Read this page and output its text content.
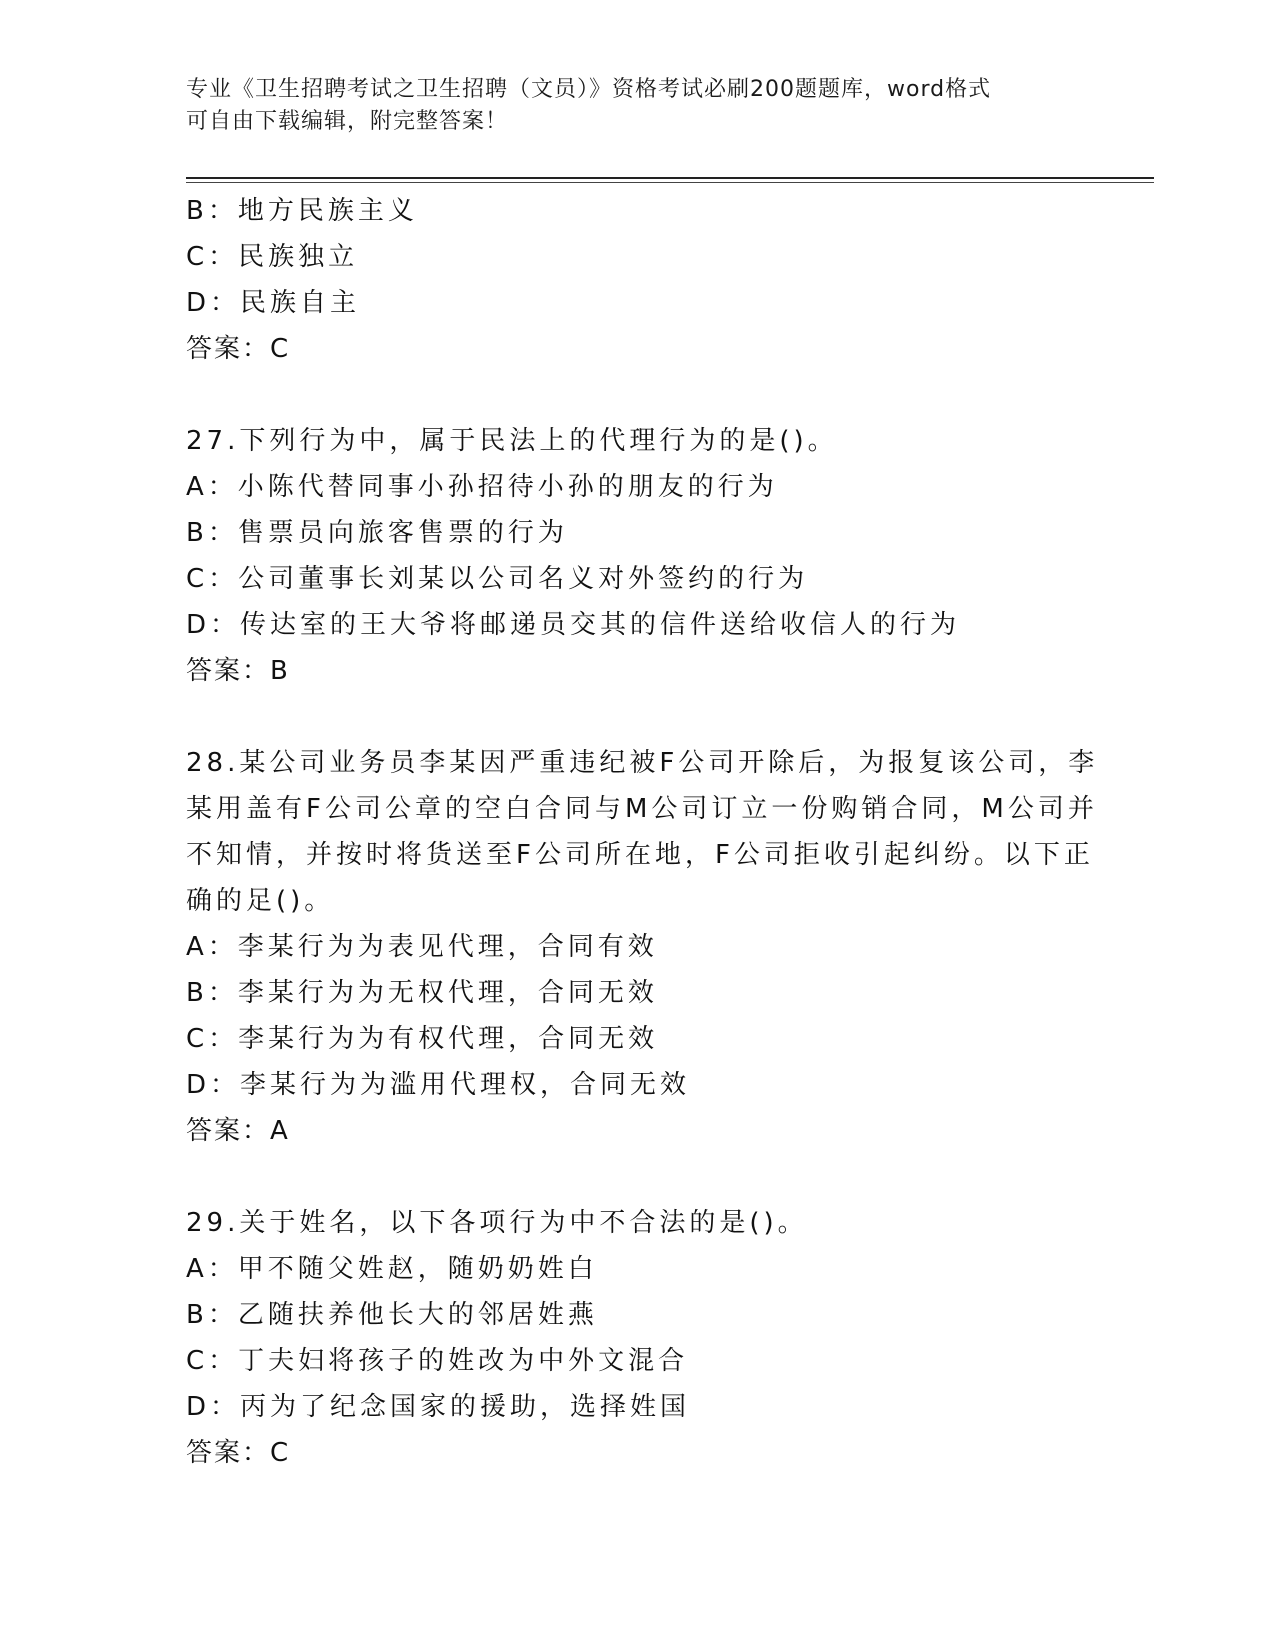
专业《卫生招聘考试之卫生招聘（文员）》资格考试必刷200题题库，word格式
可自由下载编辑，附完整答案！
B：地方民族主义
C：民族独立
D：民族自主
答案：C
27.下列行为中，属于民法上的代理行为的是()。
A：小陈代替同事小孙招待小孙的朋友的行为
B：售票员向旅客售票的行为
C：公司董事长刘某以公司名义对外签约的行为
D：传达室的王大爷将邮递员交其的信件送给收信人的行为
答案：B
28.某公司业务员李某因严重违纪被F公司开除后，为报复该公司，李
某用盖有F公司公章的空白合同与M公司订立一份购销合同，M公司并
不知情，并按时将货送至F公司所在地，F公司拒收引起纠纷。以下正
确的足()。
A：李某行为为表见代理，合同有效
B：李某行为为无权代理，合同无效
C：李某行为为有权代理，合同无效
D：李某行为为滥用代理权，合同无效
答案：A
29.关于姓名，以下各项行为中不合法的是()。
A：甲不随父姓赵，随奶奶姓白
B：乙随扶养他长大的邻居姓燕
C：丁夫妇将孩子的姓改为中外文混合
D：丙为了纪念国家的援助，选择姓国
答案：C
